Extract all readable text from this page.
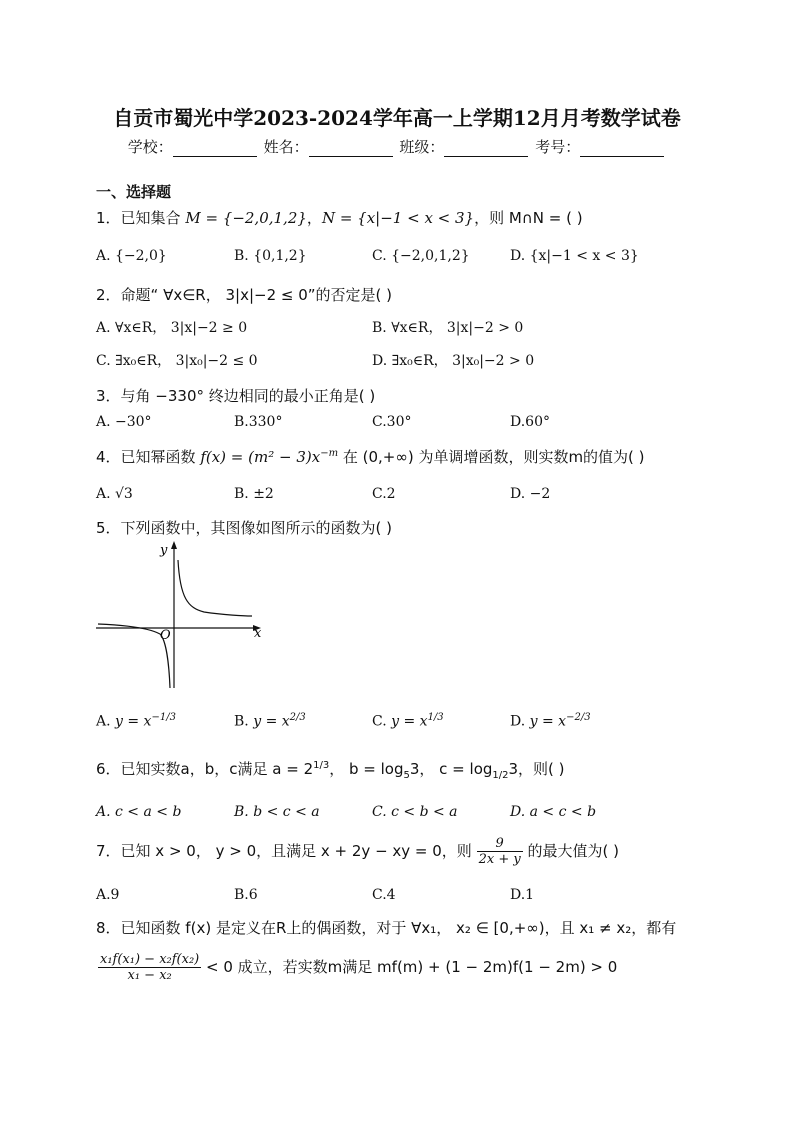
自贡市蜀光中学2023-2024学年高一上学期12月月考数学试卷
学校：	姓名：	班级：	考号：
一、选择题
1．已知集合 M = {−2,0,1,2}，N = {x|−1 < x < 3}，则 M∩N = ( )
A. {−2,0}	B. {0,1,2}	C. {−2,0,1,2}	D. {x|−1 < x < 3}
2．命题“ ∀x∈R， 3|x|−2 ≤ 0”的否定是( )
A. ∀x∈R， 3|x|−2 ≥ 0	B. ∀x∈R， 3|x|−2 > 0
C. ∃x₀∈R， 3|x₀|−2 ≤ 0	D. ∃x₀∈R， 3|x₀|−2 > 0
3．与角 −330° 终边相同的最小正角是( )
A. −30°	B.330°	C.30°	D.60°
4．已知幂函数 $f(x) = (m^2 - 3)x^{-m}$ 在 (0,+∞) 为单调增函数，则实数m的值为( )
A. √3	B. ±2	C.2	D. −2
5．下列函数中，其图像如图所示的函数为( )
y
x
O
A. $y = x^{-1/3}$	B. $y = x^{2/3}$	C. $y = x^{1/3}$	D. $y = x^{-2/3}$
6．已知实数a，b，c满足 $a = 2^{1/3}$， $b = \log_53$， $c = \log_{1/2}3$，则( )
A. c < a < b	B. b < c < a	C. c < b < a	D. a < c < b
7．已知 x > 0， y > 0，且满足 x + 2y − xy = 0，则 $\frac{9}{2x + y}$ 的最大值为( )
A.9	B.6	C.4	D.1
8．已知函数 f(x) 是定义在R上的偶函数，对于 ∀x₁， x₂ ∈ [0,+∞)，且 x₁ ≠ x₂，都有
$\frac{\text{x₁f(x₁) − x₂f(x₂)}}{\text{x₁ − x₂}} < 0$ 成立，若实数m满足 mf(m) + (1 − 2m)f(1 − 2m) > 0
